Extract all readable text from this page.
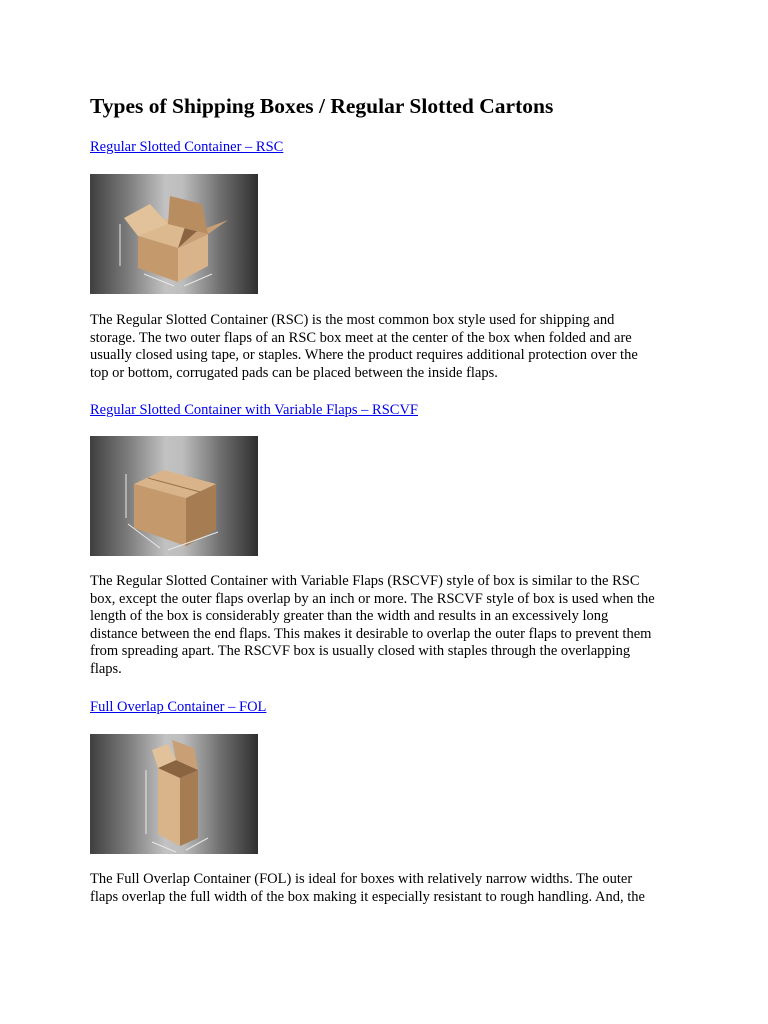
Types of Shipping Boxes / Regular Slotted Cartons
Regular Slotted Container – RSC

The Regular Slotted Container (RSC) is the most common box style used for shipping and
storage. The two outer flaps of an RSC box meet at the center of the box when folded and are
usually closed using tape, or staples. Where the product requires additional protection over the
top or bottom, corrugated pads can be placed between the inside flaps.

Regular Slotted Container with Variable Flaps – RSCVF

The Regular Slotted Container with Variable Flaps (RSCVF) style of box is similar to the RSC
box, except the outer flaps overlap by an inch or more. The RSCVF style of box is used when the
length of the box is considerably greater than the width and results in an excessively long
distance between the end flaps. This makes it desirable to overlap the outer flaps to prevent them
from spreading apart. The RSCVF box is usually closed with staples through the overlapping
flaps.

Full Overlap Container – FOL

The Full Overlap Container (FOL) is ideal for boxes with relatively narrow widths. The outer
flaps overlap the full width of the box making it especially resistant to rough handling. And, the
